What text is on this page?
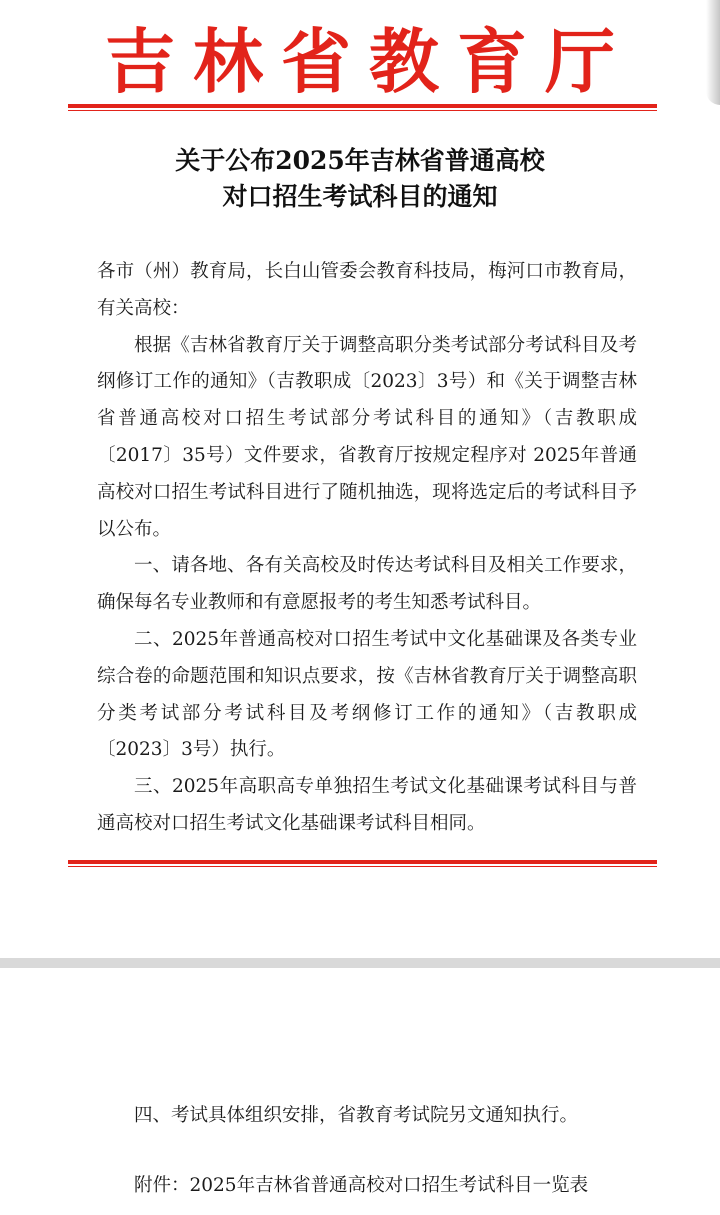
吉林省教育厅
关于公布2025年吉林省普通高校
对口招生考试科目的通知

各市（州）教育局，长白山管委会教育科技局，梅河口市教育局，有关高校：

根据《吉林省教育厅关于调整高职分类考试部分考试科目及考纲修订工作的通知》（吉教职成〔2023〕3号）和《关于调整吉林省普通高校对口招生考试部分考试科目的通知》（吉教职成〔2017〕35号）文件要求，省教育厅按规定程序对 2025年普通高校对口招生考试科目进行了随机抽选，现将选定后的考试科目予以公布。

一、请各地、各有关高校及时传达考试科目及相关工作要求，确保每名专业教师和有意愿报考的考生知悉考试科目。

二、2025年普通高校对口招生考试中文化基础课及各类专业综合卷的命题范围和知识点要求，按《吉林省教育厅关于调整高职分类考试部分考试科目及考纲修订工作的通知》（吉教职成〔2023〕3号）执行。

三、2025年高职高专单独招生考试文化基础课考试科目与普通高校对口招生考试文化基础课考试科目相同。

四、考试具体组织安排，省教育考试院另文通知执行。
附件：2025年吉林省普通高校对口招生考试科目一览表
